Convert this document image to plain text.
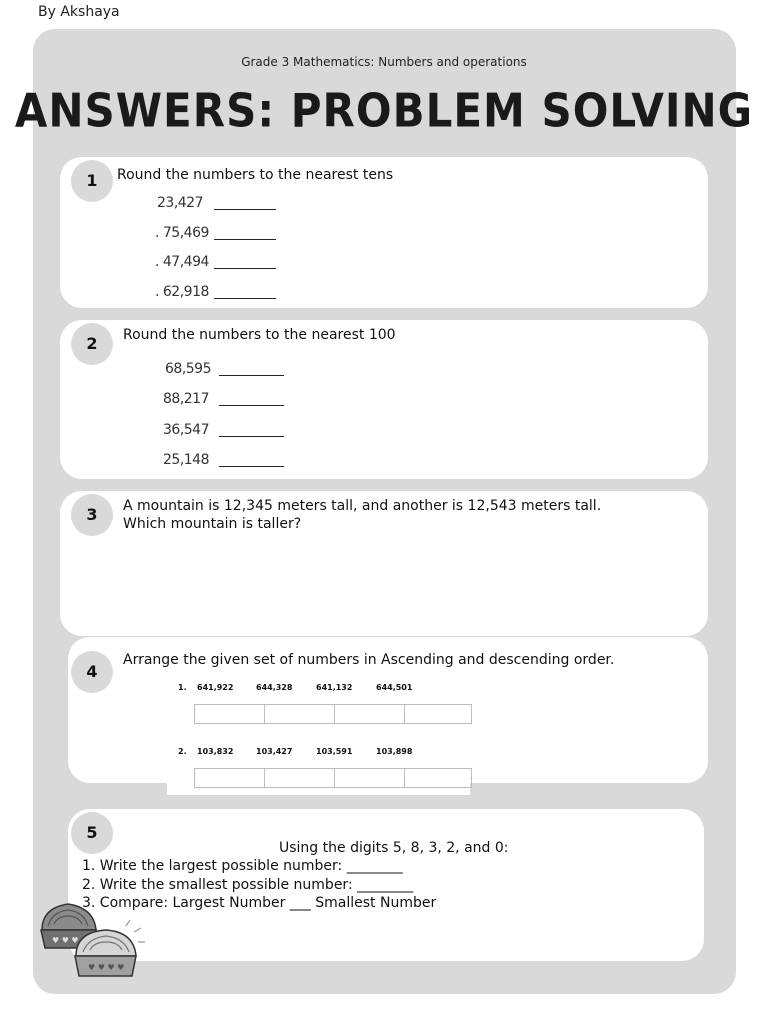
By Akshaya
Grade 3 Mathematics: Numbers and operations
ANSWERS: PROBLEM SOLVING
1	Round the numbers to the nearest tens
23,427
. 75,469
. 47,494
. 62,918
2	Round the numbers to the nearest 100
68,595
88,217
36,547
25,148
3	A mountain is 12,345 meters tall, and another is 12,543 meters tall.
Which mountain is taller?
4
Arrange the given set of numbers in Ascending and descending order.
1. 641,922	644,328	641,132	644,501
2. 103,832	103,427	103,591	103,898
5
Using the digits 5, 8, 3, 2, and 0:
1. Write the largest possible number: ________
2. Write the smallest possible number: ________
3. Compare: Largest Number ___ Smallest Number
♥ ♥ ♥
♥ ♥ ♥ ♥
